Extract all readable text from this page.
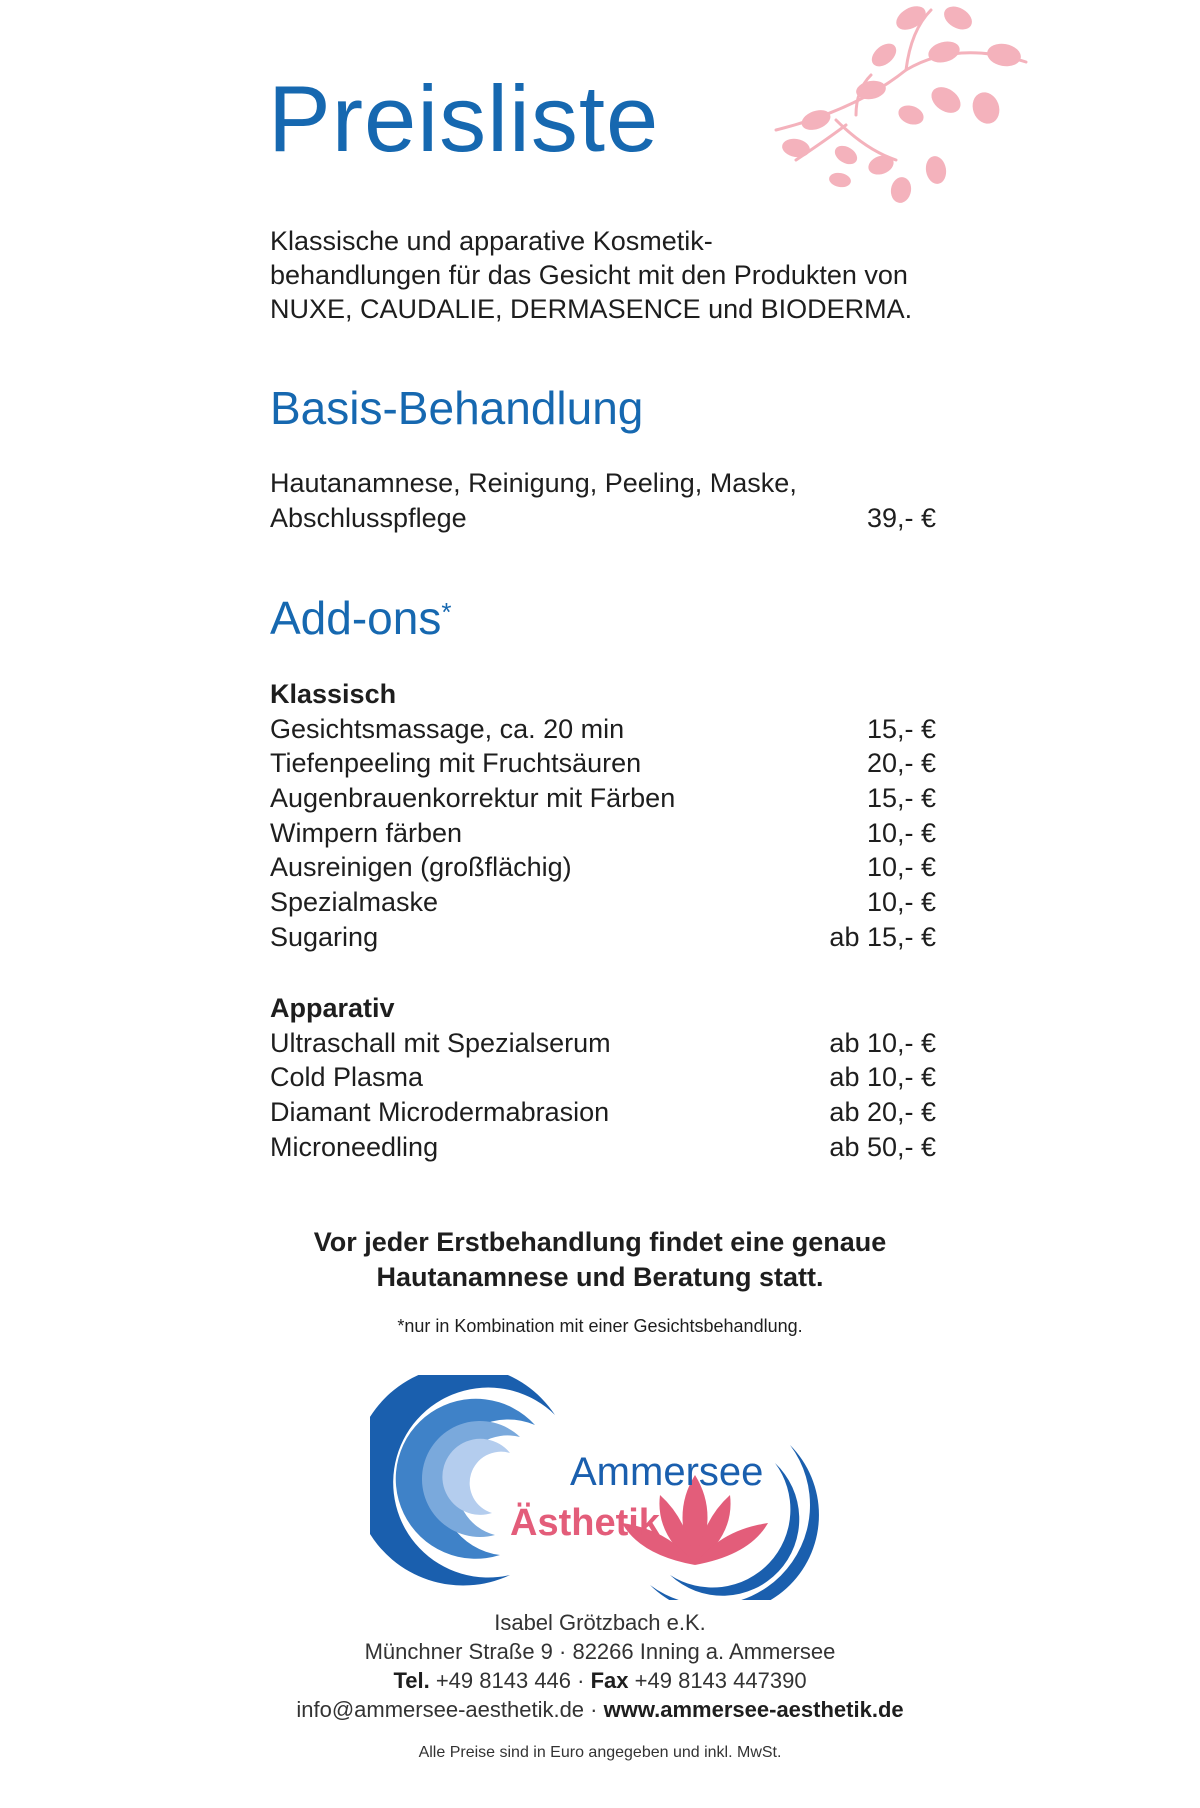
Preisliste
Klassische und apparative Kosmetik-
behandlungen für das Gesicht mit den Produkten von
NUXE, CAUDALIE, DERMASENCE und BIODERMA.
Basis-Behandlung
Hautanamnese, Reinigung, Peeling, Maske,
Abschlusspflege	39,- €
Add-ons*
Klassisch
Gesichtsmassage, ca. 20 min	15,- €
Tiefenpeeling mit Fruchtsäuren	20,- €
Augenbrauenkorrektur mit Färben	15,- €
Wimpern färben	10,- €
Ausreinigen (großflächig)	10,- €
Spezialmaske	10,- €
Sugaring	ab 15,- €
Apparativ
Ultraschall mit Spezialserum	ab 10,- €
Cold Plasma	ab 10,- €
Diamant Microdermabrasion	ab 20,- €
Microneedling	ab 50,- €
Vor jeder Erstbehandlung findet eine genaue
Hautanamnese und Beratung statt.
*nur in Kombination mit einer Gesichtsbehandlung.
Ammersee
Ästhetik
Isabel Grötzbach e.K.
Münchner Straße 9 · 82266 Inning a. Ammersee
Tel. +49 8143 446 · Fax +49 8143 447390
info@ammersee-aesthetik.de · www.ammersee-aesthetik.de
Alle Preise sind in Euro angegeben und inkl. MwSt.
